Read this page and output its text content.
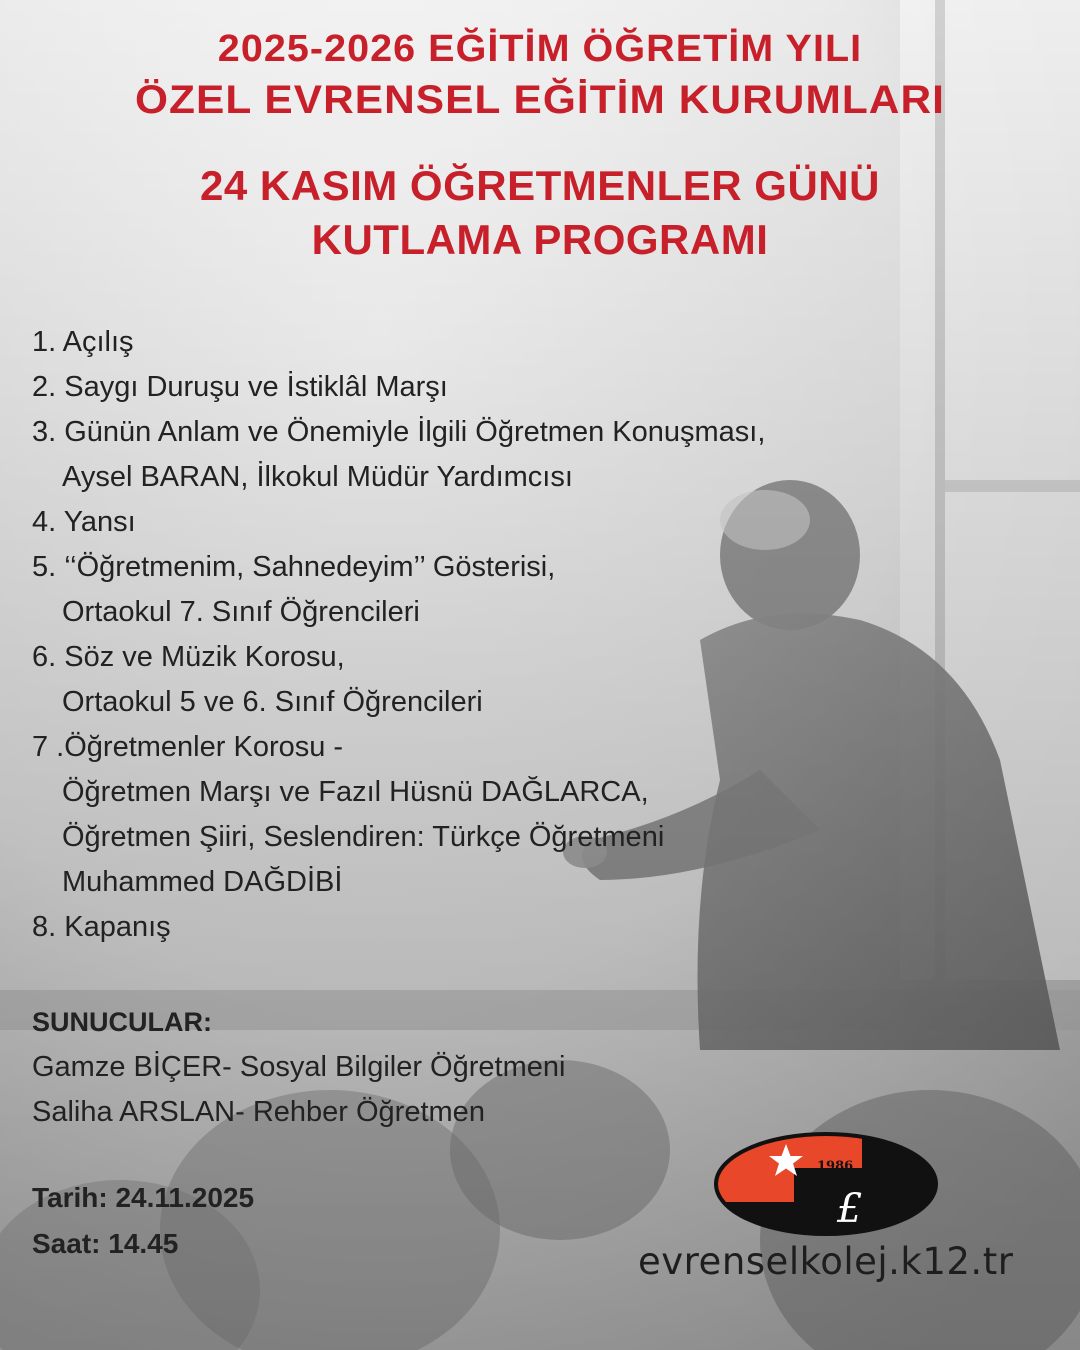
2025-2026 EĞİTİM ÖĞRETİM YILI
ÖZEL EVRENSEL EĞİTİM KURUMLARI
24 KASIM ÖĞRETMENLER GÜNÜ
KUTLAMA PROGRAMI
1. Açılış
2. Saygı Duruşu ve İstiklâl Marşı
3. Günün Anlam ve Önemiyle İlgili Öğretmen Konuşması,
Aysel BARAN, İlkokul Müdür Yardımcısı
4. Yansı
5. ‘‘Öğretmenim, Sahnedeyim’’ Gösterisi,
Ortaokul 7. Sınıf Öğrencileri
6. Söz ve Müzik Korosu,
Ortaokul 5 ve 6. Sınıf Öğrencileri
7 .Öğretmenler Korosu -
Öğretmen Marşı ve Fazıl Hüsnü DAĞLARCA,
Öğretmen Şiiri, Seslendiren: Türkçe Öğretmeni
Muhammed DAĞDİBİ
8. Kapanış
SUNUCULAR:
Gamze BİÇER- Sosyal Bilgiler Öğretmeni
Saliha ARSLAN- Rehber Öğretmen
Tarih: 24.11.2025
Saat: 14.45
1986
£
evrenselkolej.k12.tr
